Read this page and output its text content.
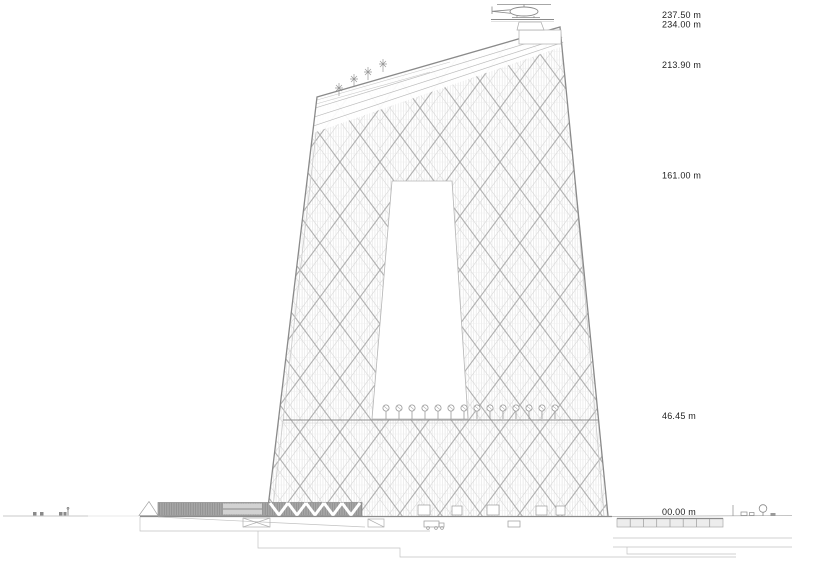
237.50 m
234.00 m
213.90 m
161.00 m
46.45 m
00.00 m
